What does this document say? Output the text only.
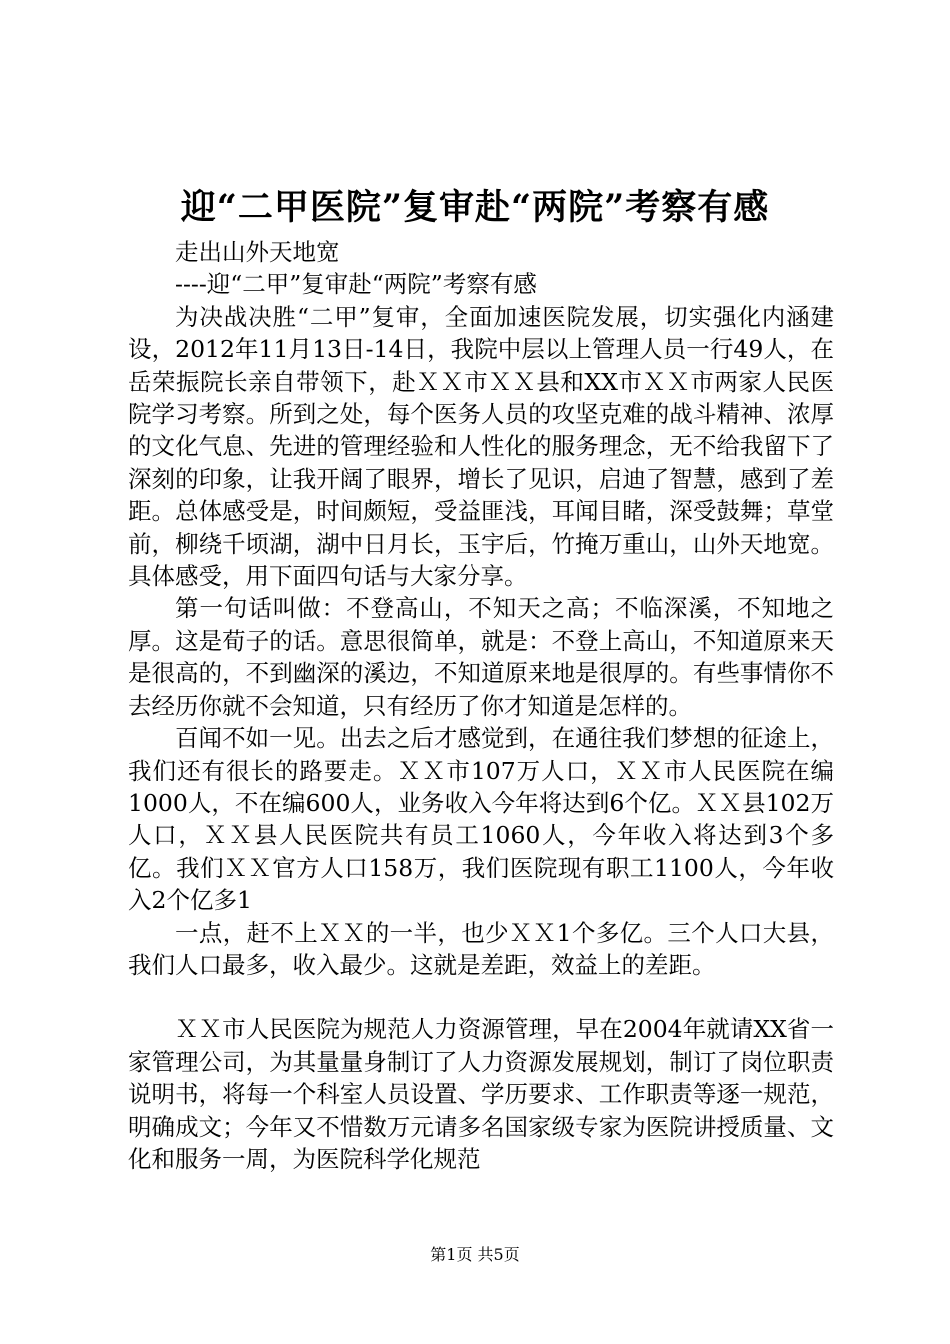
迎“二甲医院”复审赴“两院”考察有感

走出山外天地宽

----迎“二甲”复审赴“两院”考察有感

为决战决胜“二甲”复审，全面加速医院发展，切实强化内涵建设，2012年11月13日-14日，我院中层以上管理人员一行49人，在岳荣振院长亲自带领下，赴ＸＸ市ＸＸ县和XX市ＸＸ市两家人民医院学习考察。所到之处，每个医务人员的攻坚克难的战斗精神、浓厚的文化气息、先进的管理经验和人性化的服务理念，无不给我留下了深刻的印象，让我开阔了眼界，增长了见识，启迪了智慧，感到了差距。总体感受是，时间颇短，受益匪浅，耳闻目睹，深受鼓舞；草堂前，柳绕千顷湖，湖中日月长，玉宇后，竹掩万重山，山外天地宽。具体感受，用下面四句话与大家分享。

第一句话叫做：不登高山，不知天之高；不临深溪，不知地之厚。这是荀子的话。意思很简单，就是：不登上高山，不知道原来天是很高的，不到幽深的溪边，不知道原来地是很厚的。有些事情你不去经历你就不会知道，只有经历了你才知道是怎样的。

百闻不如一见。出去之后才感觉到，在通往我们梦想的征途上，我们还有很长的路要走。ＸＸ市107万人口，ＸＸ市人民医院在编1000人，不在编600人，业务收入今年将达到6个亿。ＸＸ县102万人口，ＸＸ县人民医院共有员工1060人，今年收入将达到3个多亿。我们ＸＸ官方人口158万，我们医院现有职工1100人，今年收入2个亿多1

一点，赶不上ＸＸ的一半，也少ＸＸ1个多亿。三个人口大县，我们人口最多，收入最少。这就是差距，效益上的差距。

ＸＸ市人民医院为规范人力资源管理，早在2004年就请XX省一家管理公司，为其量量身制订了人力资源发展规划，制订了岗位职责说明书，将每一个科室人员设置、学历要求、工作职责等逐一规范，明确成文；今年又不惜数万元请多名国家级专家为医院讲授质量、文化和服务一周，为医院科学化规范

第1页 共5页
